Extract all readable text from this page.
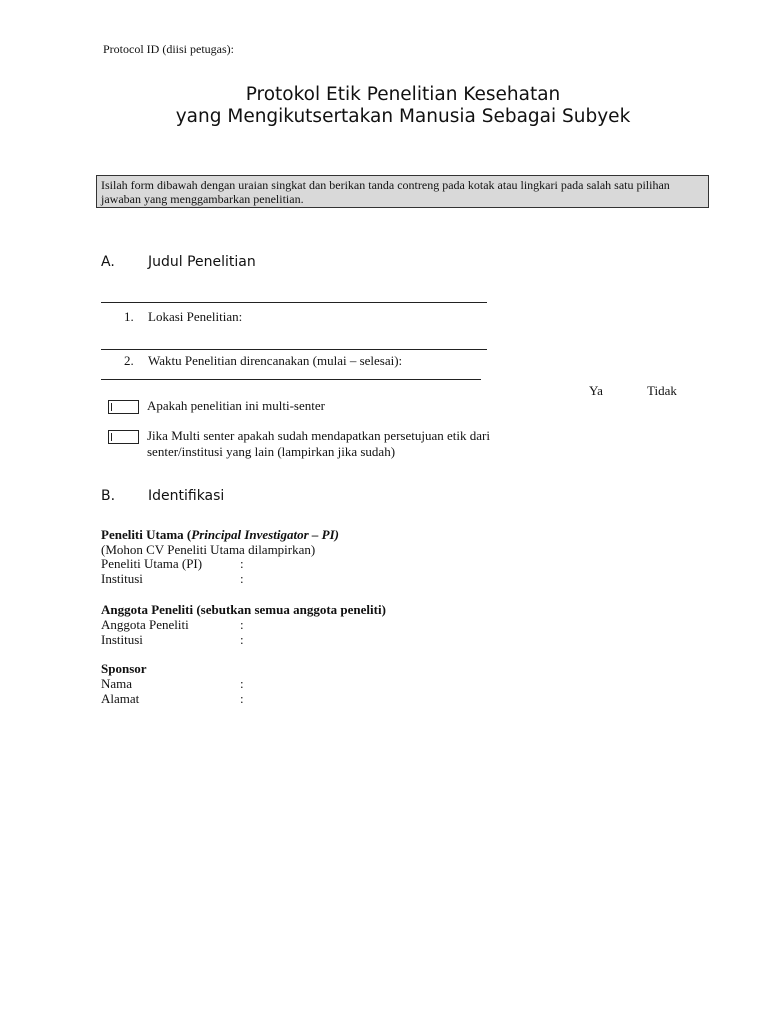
Protocol ID (diisi petugas):
Protokol Etik Penelitian Kesehatan
yang Mengikutsertakan Manusia Sebagai Subyek

Isilah form dibawah dengan uraian singkat dan berikan tanda contreng pada kotak atau lingkari pada salah satu pilihan jawaban yang menggambarkan penelitian.

A. Judul Penelitian
1. Lokasi Penelitian:
2. Waktu Penelitian direncanakan (mulai – selesai):
Ya	Tidak
Apakah penelitian ini multi-senter
Jika Multi senter apakah sudah mendapatkan persetujuan etik dari
senter/institusi yang lain (lampirkan jika sudah)
B. Identifikasi
Peneliti Utama (Principal Investigator – PI)
(Mohon CV Peneliti Utama dilampirkan)
Peneliti Utama (PI)	:
Institusi	:
Anggota Peneliti (sebutkan semua anggota peneliti)
Anggota Peneliti	:
Institusi	:
Sponsor
Nama	:
Alamat	:
